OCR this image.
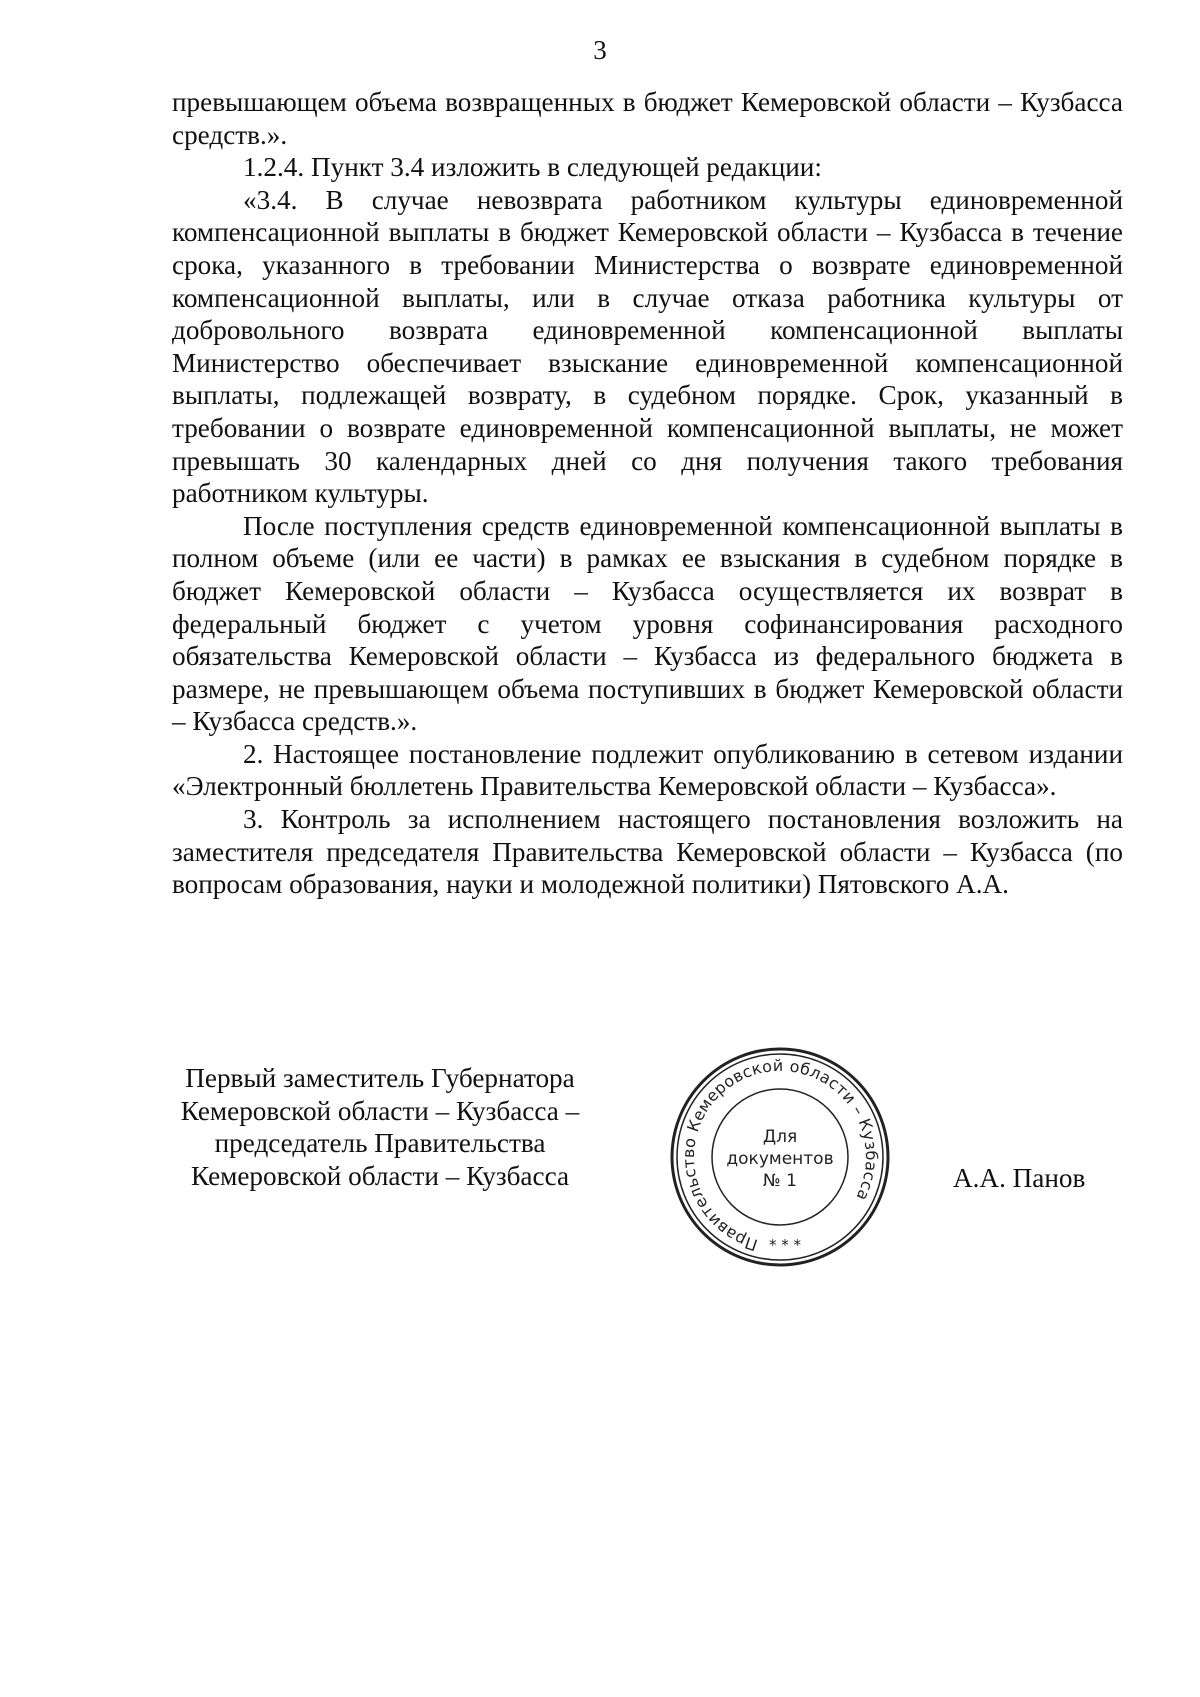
3

превышающем объема возвращенных в бюджет Кемеровской области – Кузбасса средств.».

1.2.4. Пункт 3.4 изложить в следующей редакции:

«3.4. В случае невозврата работником культуры единовременной компенсационной выплаты в бюджет Кемеровской области – Кузбасса в течение срока, указанного в требовании Министерства о возврате единовременной компенсационной выплаты, или в случае отказа работника культуры от добровольного возврата единовременной компенсационной выплаты Министерство обеспечивает взыскание единовременной компенсационной выплаты, подлежащей возврату, в судебном порядке. Срок, указанный в требовании о возврате единовременной компенсационной выплаты, не может превышать 30 календарных дней со дня получения такого требования работником культуры.

После поступления средств единовременной компенсационной выплаты в полном объеме (или ее части) в рамках ее взыскания в судебном порядке в бюджет Кемеровской области – Кузбасса осуществляется их возврат в федеральный бюджет с учетом уровня софинансирования расходного обязательства Кемеровской области – Кузбасса из федерального бюджета в размере, не превышающем объема поступивших в бюджет Кемеровской области – Кузбасса средств.».

2. Настоящее постановление подлежит опубликованию в сетевом издании «Электронный бюллетень Правительства Кемеровской области – Кузбасса».

3. Контроль за исполнением настоящего постановления возложить на заместителя председателя Правительства Кемеровской области – Кузбасса (по вопросам образования, науки и молодежной политики) Пятовского А.А.

Первый заместитель Губернатора
Кемеровской области – Кузбасса –
председатель Правительства
Кемеровской области – Кузбасса
Правительство Кемеровской области – Кузбасса
Для
документов
№ 1
* * *
А.А. Панов
